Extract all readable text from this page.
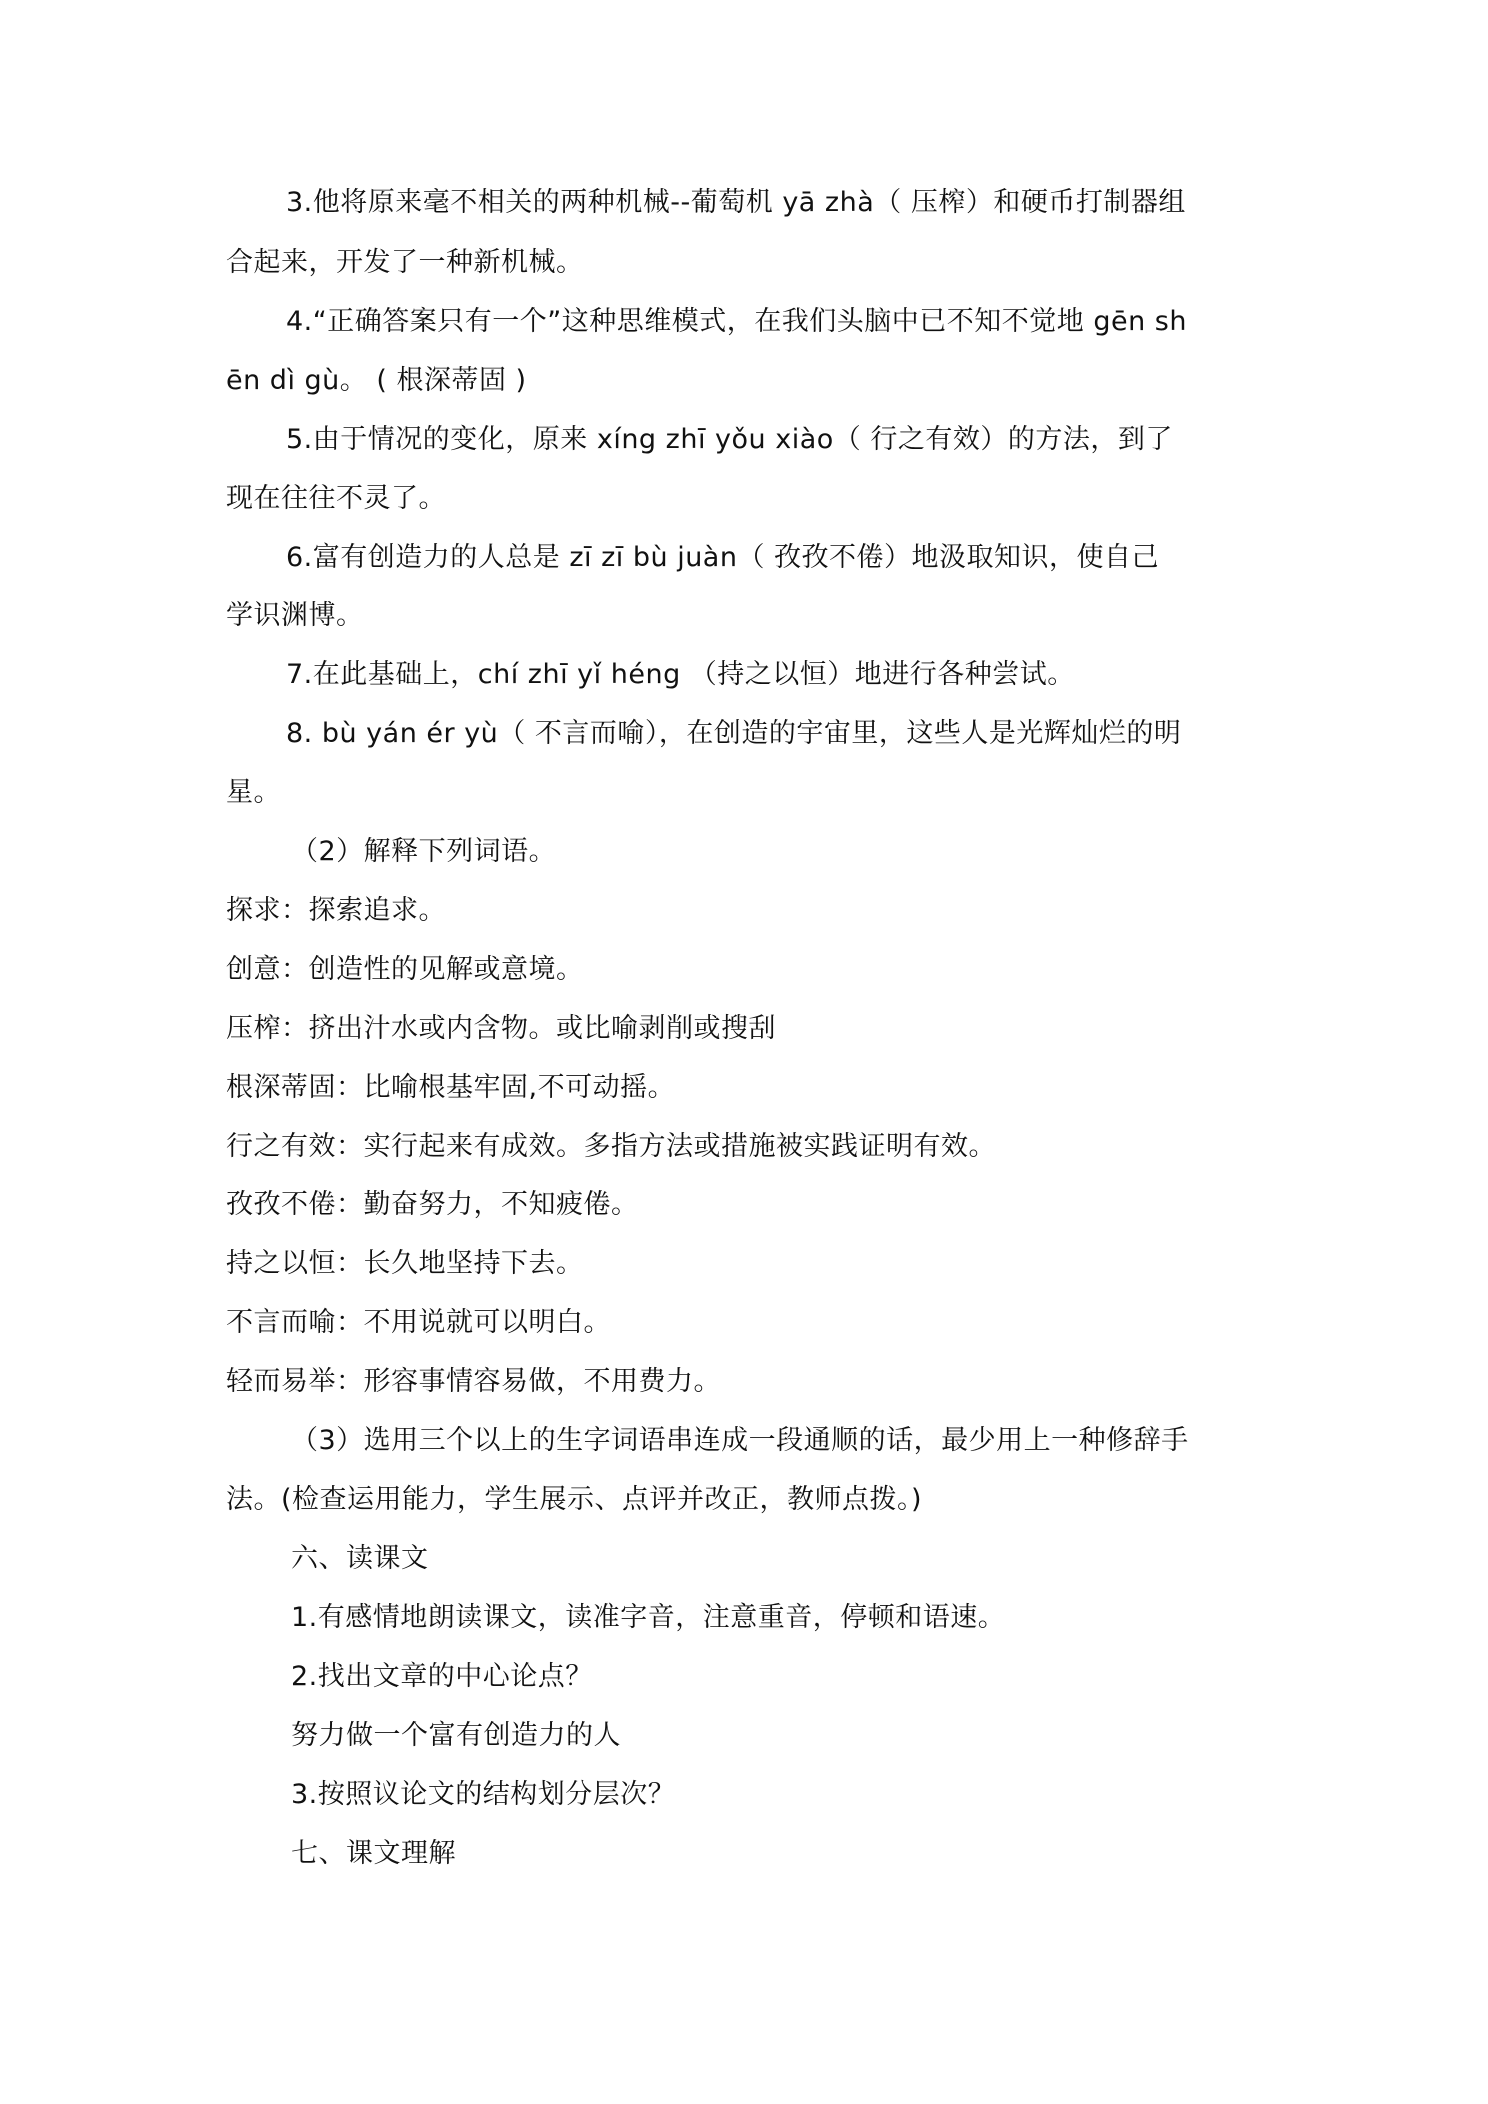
3.他将原来毫不相关的两种机械--葡萄机 yā zhà（ 压榨）和硬币打制器组
合起来，开发了一种新机械。
4.“正确答案只有一个”这种思维模式，在我们头脑中已不知不觉地 gēn sh
ēn dì gù。 ( 根深蒂固 )
5.由于情况的变化，原来 xíng zhī yǒu xiào（ 行之有效）的方法，到了
现在往往不灵了。
6.富有创造力的人总是 zī zī bù juàn（ 孜孜不倦）地汲取知识，使自己
学识渊博。
7.在此基础上，chí zhī yǐ héng （持之以恒）地进行各种尝试。
8. bù yán ér yù（ 不言而喻），在创造的宇宙里，这些人是光辉灿烂的明
星。
（2）解释下列词语。
探求：探索追求。
创意：创造性的见解或意境。
压榨：挤出汁水或内含物。或比喻剥削或搜刮
根深蒂固：比喻根基牢固,不可动摇。
行之有效：实行起来有成效。多指方法或措施被实践证明有效。
孜孜不倦：勤奋努力，不知疲倦。
持之以恒：长久地坚持下去。
不言而喻：不用说就可以明白。
轻而易举：形容事情容易做，不用费力。
（3）选用三个以上的生字词语串连成一段通顺的话，最少用上一种修辞手
法。(检查运用能力，学生展示、点评并改正，教师点拨。)
六、读课文
1.有感情地朗读课文，读准字音，注意重音，停顿和语速。
2.找出文章的中心论点？
努力做一个富有创造力的人
3.按照议论文的结构划分层次？
七、课文理解
